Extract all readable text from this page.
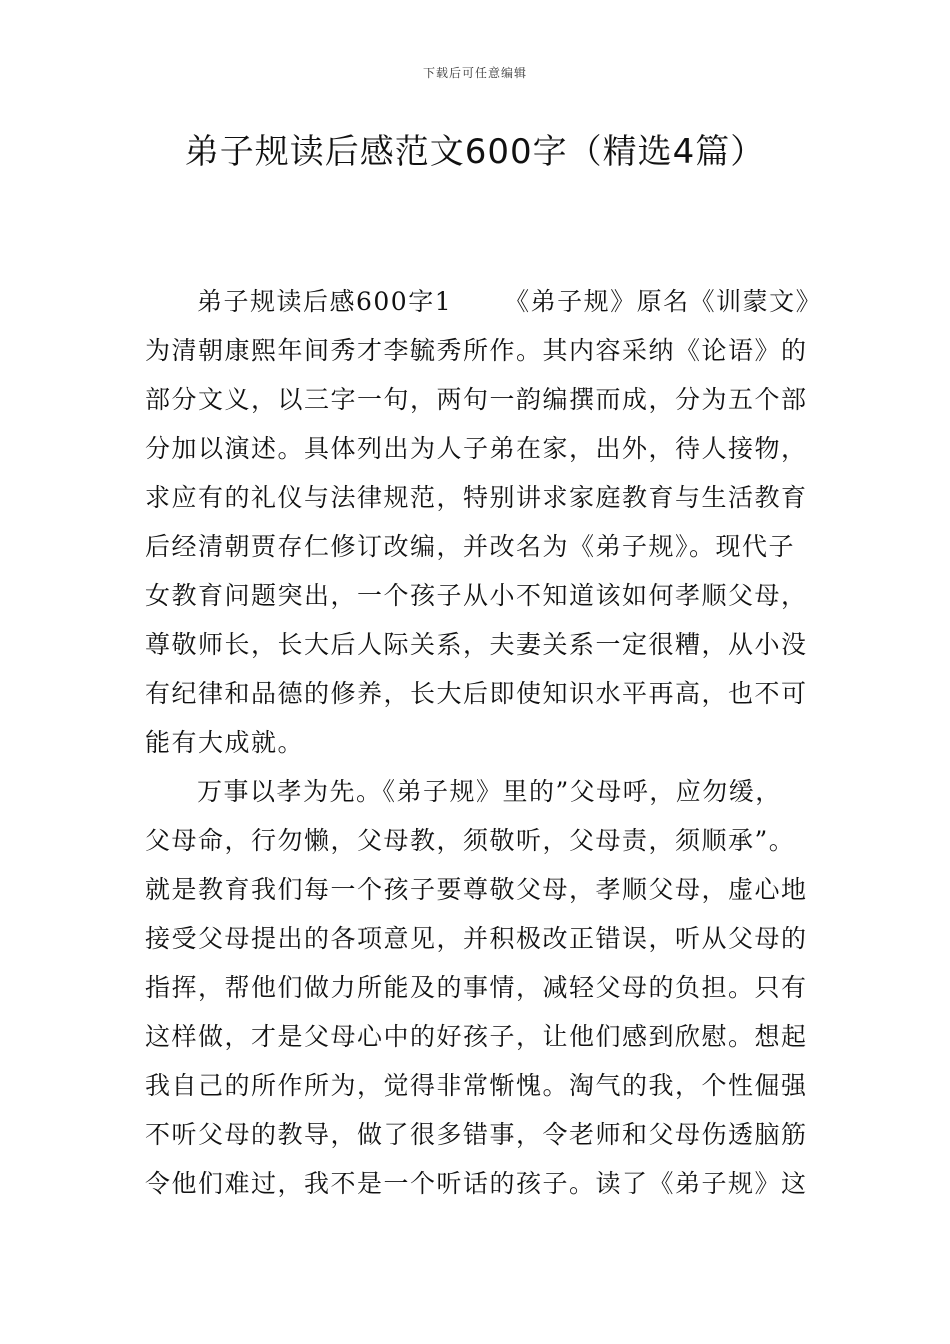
下载后可任意编辑
弟子规读后感范文600字（精选4篇）
弟子规读后感600字1 《弟子规》原名《训蒙文》
为清朝康熙年间秀才李毓秀所作。其内容采纳《论语》的
部分文义，以三字一句，两句一韵编撰而成，分为五个部
分加以演述。具体列出为人子弟在家，出外，待人接物，
求应有的礼仪与法律规范，特别讲求家庭教育与生活教育
后经清朝贾存仁修订改编，并改名为《弟子规》。现代子
女教育问题突出，一个孩子从小不知道该如何孝顺父母，
尊敬师长，长大后人际关系，夫妻关系一定很糟，从小没
有纪律和品德的修养，长大后即使知识水平再高，也不可
能有大成就。
万事以孝为先。《弟子规》里的”父母呼，应勿缓，
父母命，行勿懒，父母教，须敬听，父母责，须顺承”。
就是教育我们每一个孩子要尊敬父母，孝顺父母，虚心地
接受父母提出的各项意见，并积极改正错误，听从父母的
指挥，帮他们做力所能及的事情，减轻父母的负担。只有
这样做，才是父母心中的好孩子，让他们感到欣慰。想起
我自己的所作所为，觉得非常惭愧。淘气的我，个性倔强
不听父母的教导，做了很多错事，令老师和父母伤透脑筋
令他们难过，我不是一个听话的孩子。读了《弟子规》这
